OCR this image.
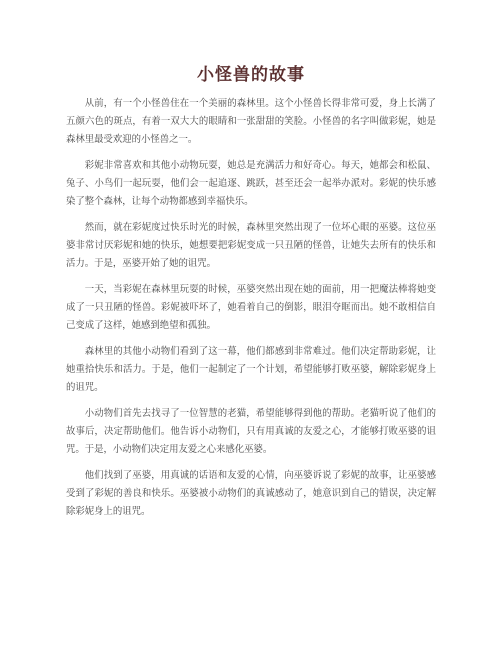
小怪兽的故事

从前，有一个小怪兽住在一个美丽的森林里。这个小怪兽长得非常可爱，身上长满了五颜六色的斑点，有着一双大大的眼睛和一张甜甜的笑脸。小怪兽的名字叫做彩妮，她是森林里最受欢迎的小怪兽之一。

彩妮非常喜欢和其他小动物玩耍，她总是充满活力和好奇心。每天，她都会和松鼠、兔子、小鸟们一起玩耍，他们会一起追逐、跳跃，甚至还会一起举办派对。彩妮的快乐感染了整个森林，让每个动物都感到幸福快乐。

然而，就在彩妮度过快乐时光的时候，森林里突然出现了一位坏心眼的巫婆。这位巫婆非常讨厌彩妮和她的快乐，她想要把彩妮变成一只丑陋的怪兽，让她失去所有的快乐和活力。于是，巫婆开始了她的诅咒。

一天，当彩妮在森林里玩耍的时候，巫婆突然出现在她的面前，用一把魔法棒将她变成了一只丑陋的怪兽。彩妮被吓坏了，她看着自己的倒影，眼泪夺眶而出。她不敢相信自己变成了这样，她感到绝望和孤独。

森林里的其他小动物们看到了这一幕，他们都感到非常难过。他们决定帮助彩妮，让她重拾快乐和活力。于是，他们一起制定了一个计划，希望能够打败巫婆，解除彩妮身上的诅咒。

小动物们首先去找寻了一位智慧的老猫，希望能够得到他的帮助。老猫听说了他们的故事后，决定帮助他们。他告诉小动物们，只有用真诚的友爱之心，才能够打败巫婆的诅咒。于是，小动物们决定用友爱之心来感化巫婆。

他们找到了巫婆，用真诚的话语和友爱的心情，向巫婆诉说了彩妮的故事，让巫婆感受到了彩妮的善良和快乐。巫婆被小动物们的真诚感动了，她意识到自己的错误，决定解除彩妮身上的诅咒。
